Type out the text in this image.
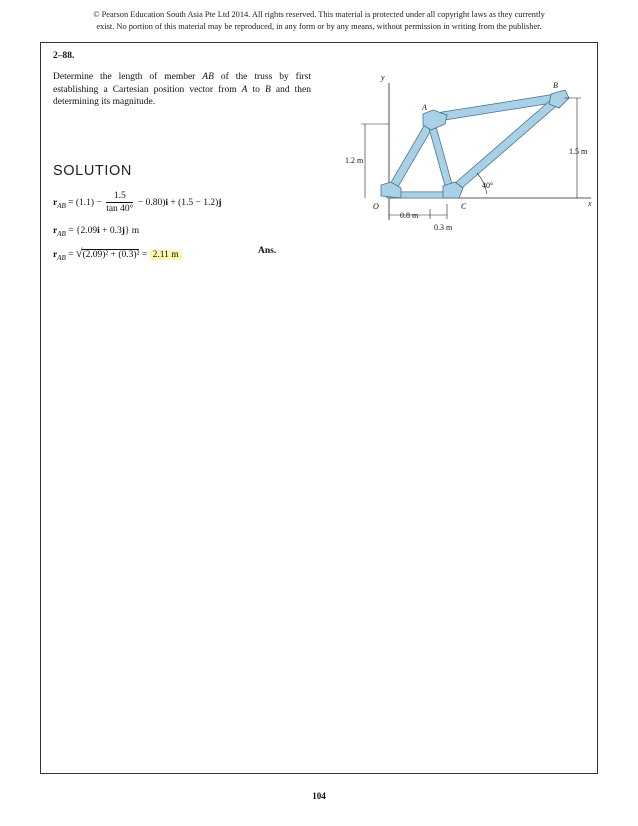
© Pearson Education South Asia Pte Ltd 2014. All rights reserved. This material is protected under all copyright laws as they currently
exist. No portion of this material may be reproduced, in any form or by any means, without permission in writing from the publisher.
2–88.
Determine the length of member AB of the truss by first establishing a Cartesian position vector from A to B and then determining its magnitude.
SOLUTION
$r_{AB} = (1.1) - \frac{1.5}{\tan 40^\circ} - 0.80)i + (1.5 - 1.2)j$
$r_{AB} = \{2.09i + 0.3j\}$ m
$r_{AB} = √(2.09)^2 + (0.3)^2 = 2.11$ m	Ans.
y
x
A
B
O	C
1.2 m
1.5 m
0.8 m
0.3 m
40°
104
